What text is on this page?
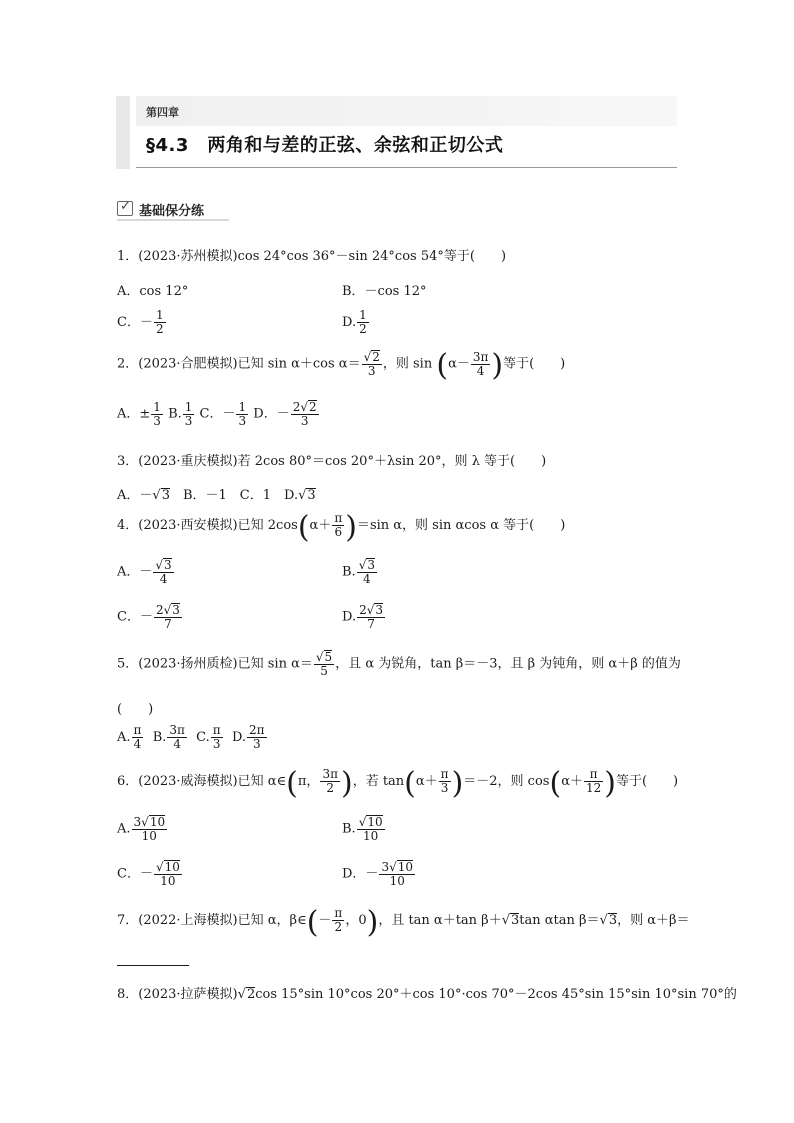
第四章
§4.3　两角和与差的正弦、余弦和正切公式
✓ 基础保分练
1．(2023·苏州模拟)cos 24°cos 36°－sin 24°cos 54°等于(　　)
A．cos 12°	B．－cos 12°
C．－ $\frac{1}{2}$	D. $\frac{1}{2}$
2．(2023·合肥模拟)已知 sin α＋cos $\alpha= \frac{√2}{3}$ ，则 $\sin (\alpha- \frac{3\pi}{4}$ )等于(　　)
A．± $\frac{1}{3} B$. $\frac{1}{3}$ C．－ $\frac{1}{3}$ D．－ $\frac{2√2}{3}$
3．(2023·重庆模拟)若 2cos 80°＝cos 20°＋λsin 20°，则 λ 等于(　　)
A．－√3　B．－1　C．1　D.√3
4．(2023·西安模拟)已知 $2\cos(\alpha+ \frac{\pi}{6} )=\sin$ α，则 sin αcos α 等于(　　)
A．－ $\frac{√3}{4}$	B. $\frac{√3}{4}$
C．－ $\frac{2√3}{7}$	D. $\frac{2√3}{7}$
5．(2023·扬州质检)已知 $\sin \alpha= \frac{√5}{5}$ ，且 α 为锐角，tan β＝－3，且 β 为钝角，则 α＋β 的值为
(　　)
A. $\frac{\pi}{4} B$. $\frac{3\pi}{4} C$. $\frac{\pi}{3} D$. $\frac{2\pi}{3}$
6．(2023·威海模拟)已知 α∈(π， $\frac{3\pi}{2}$ )，若 $\tan(\alpha+ \frac{\pi}{3} )=-2$，则 $\cos(\alpha+ \frac{\pi}{12}$ )等于(　　)
A. $\frac{3√10}{10}$	B. $\frac{√10}{10}$
C．－ $\frac{√10}{10}$	D．－ $\frac{3√10}{10}$
7．(2022·上海模拟)已知 α，β∈(－ $\frac{\pi}{2}$ ，0)，且 tan α＋tan β＋√3tan αtan β＝√3，则 α＋β＝
8．(2023·拉萨模拟)√2cos 15°sin 10°cos 20°＋cos 10°·cos 70°－2cos 45°sin 15°sin 10°sin 70°的
